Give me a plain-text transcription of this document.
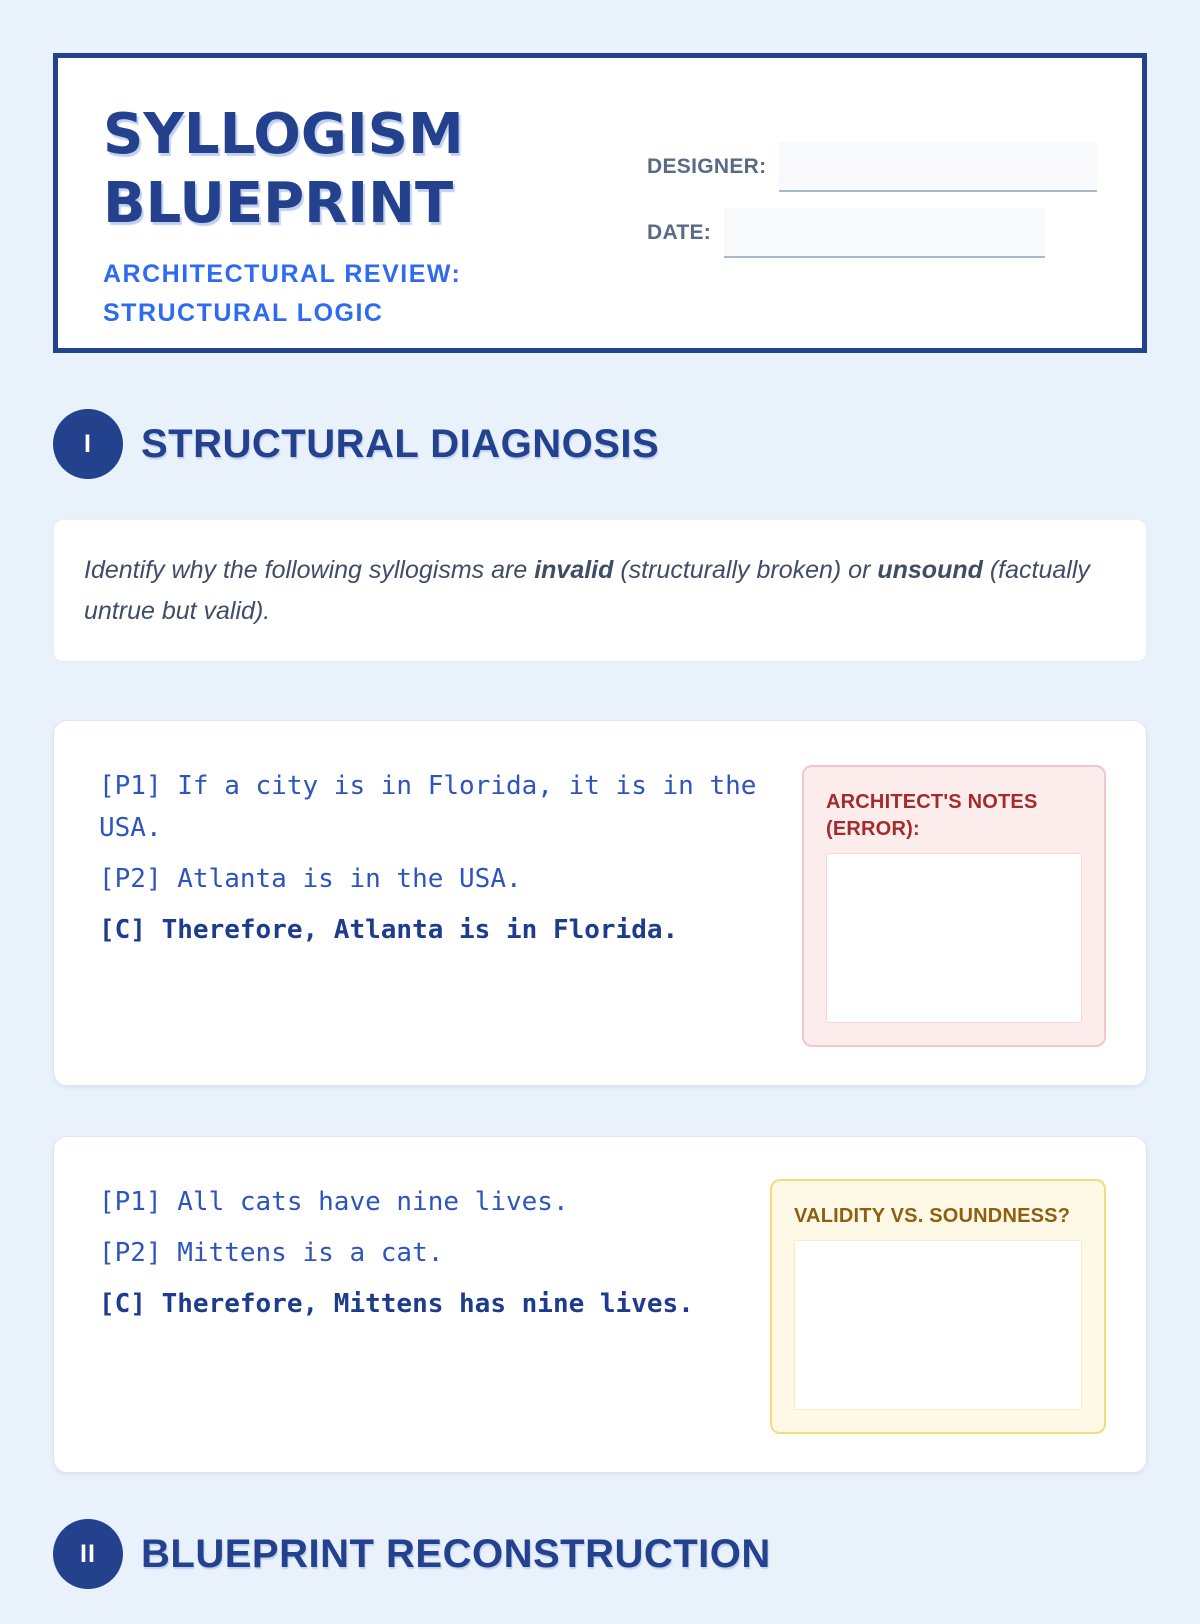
SYLLOGISM BLUEPRINT
ARCHITECTURAL REVIEW: STRUCTURAL LOGIC
DESIGNER:
DATE:
I	STRUCTURAL DIAGNOSIS
Identify why the following syllogisms are invalid (structurally broken) or unsound (factually untrue but valid).

[P1] If a city is in Florida, it is in the USA.

[P2] Atlanta is in the USA.

[C] Therefore, Atlanta is in Florida.

ARCHITECT'S NOTES (ERROR):

[P1] All cats have nine lives.

[P2] Mittens is a cat.

[C] Therefore, Mittens has nine lives.

VALIDITY VS. SOUNDNESS?
II	BLUEPRINT RECONSTRUCTION
